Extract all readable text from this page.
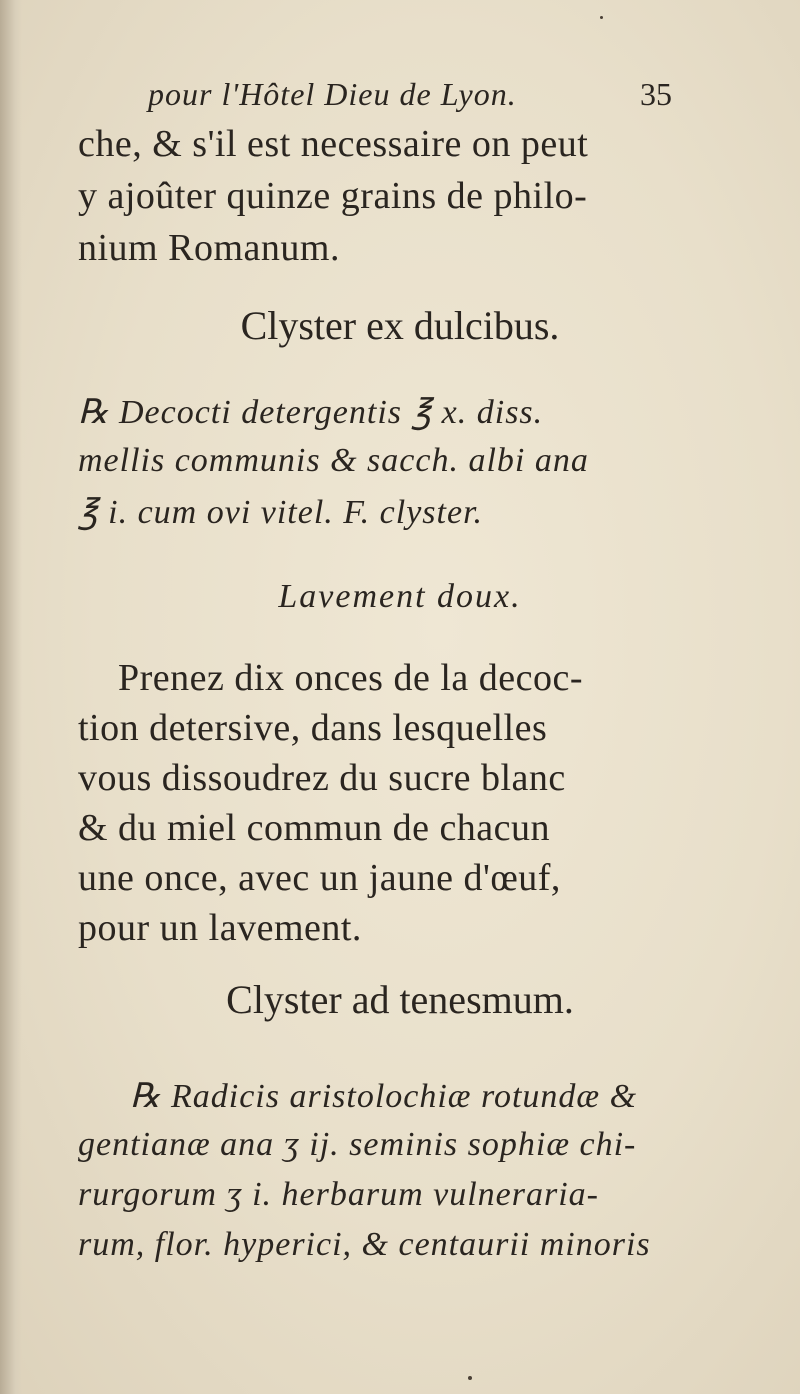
pour l'Hôtel Dieu de Lyon.	35
che, & s'il est necessaire on peut
y ajoûter quinze grains de philo-
nium Romanum.
Clyster ex dulcibus.
℞ Decocti detergentis ℥ x. diss.
mellis communis & sacch. albi ana
℥ i. cum ovi vitel. F. clyster.
Lavement doux.
Prenez dix onces de la decoc-
tion detersive, dans lesquelles
vous dissoudrez du sucre blanc
& du miel commun de chacun
une once, avec un jaune d'œuf,
pour un lavement.
Clyster ad tenesmum.
℞ Radicis aristolochiæ rotundæ &
gentianæ ana ʒ ij. seminis sophiæ chi-
rurgorum ʒ i. herbarum vulnerariа-
rum, flor. hyperici, & centaurii minoris
